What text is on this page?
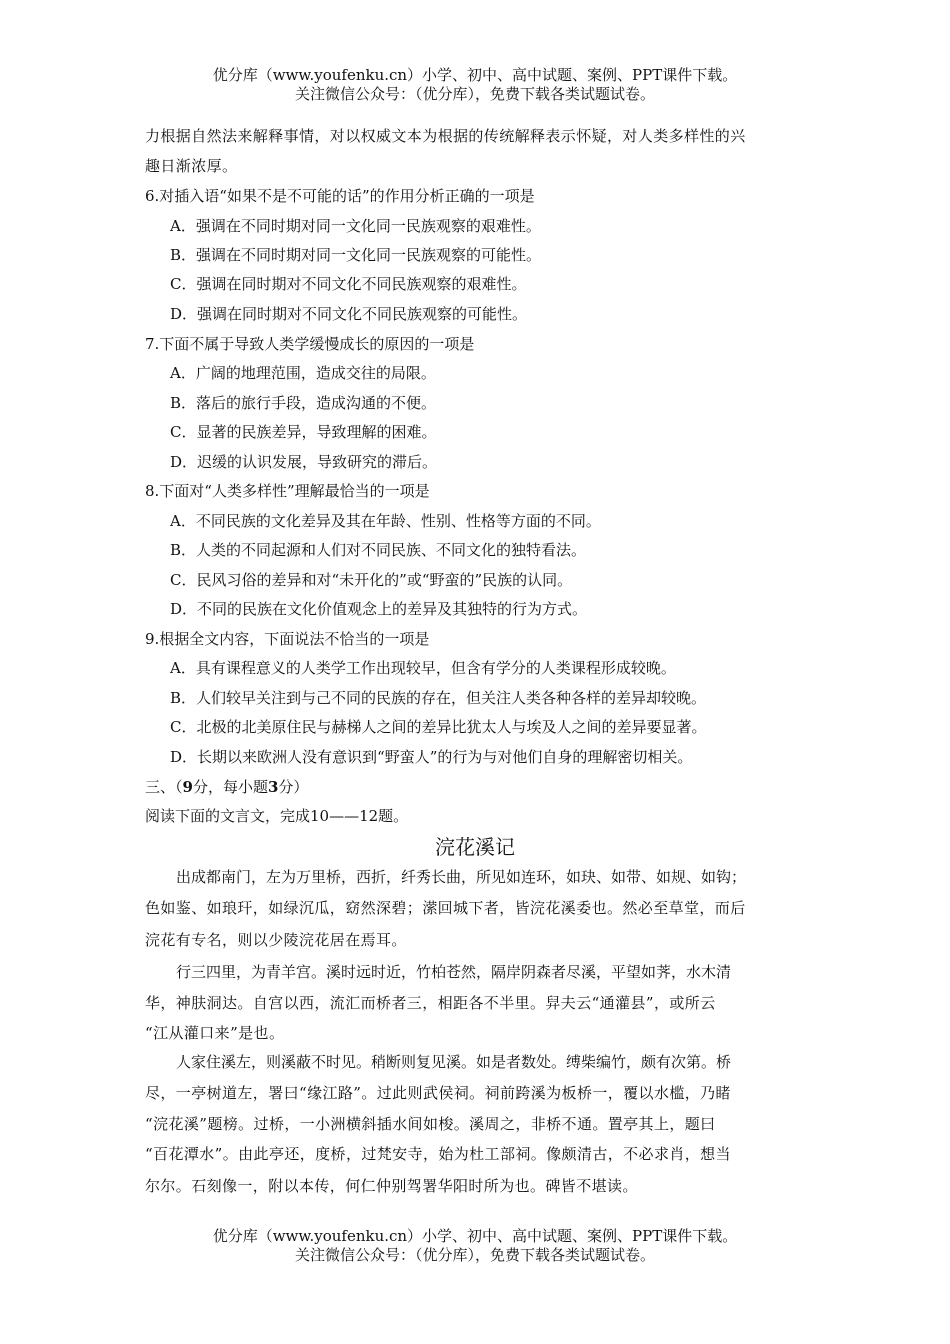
优分库（www.youfenku.cn）小学、初中、高中试题、案例、PPT课件下载。
关注微信公众号：（优分库），免费下载各类试题试卷。
力根据自然法来解释事情，对以权威文本为根据的传统解释表示怀疑，对人类多样性的兴
趣日渐浓厚。
6.对插入语“如果不是不可能的话”的作用分析正确的一项是
A．强调在不同时期对同一文化同一民族观察的艰难性。
B．强调在不同时期对同一文化同一民族观察的可能性。
C．强调在同时期对不同文化不同民族观察的艰难性。
D．强调在同时期对不同文化不同民族观察的可能性。
7.下面不属于导致人类学缓慢成长的原因的一项是
A．广阔的地理范围，造成交往的局限。
B．落后的旅行手段，造成沟通的不便。
C．显著的民族差异，导致理解的困难。
D．迟缓的认识发展，导致研究的滞后。
8.下面对“人类多样性”理解最恰当的一项是
A．不同民族的文化差异及其在年龄、性别、性格等方面的不同。
B．人类的不同起源和人们对不同民族、不同文化的独特看法。
C．民风习俗的差异和对“未开化的”或“野蛮的”民族的认同。
D．不同的民族在文化价值观念上的差异及其独特的行为方式。
9.根据全文内容，下面说法不恰当的一项是
A．具有课程意义的人类学工作出现较早，但含有学分的人类课程形成较晚。
B．人们较早关注到与己不同的民族的存在，但关注人类各种各样的差异却较晚。
C．北极的北美原住民与赫梯人之间的差异比犹太人与埃及人之间的差异要显著。
D．长期以来欧洲人没有意识到“野蛮人”的行为与对他们自身的理解密切相关。
三、（9分，每小题3分）
阅读下面的文言文，完成10——12题。
浣花溪记
出成都南门，左为万里桥，西折，纤秀长曲，所见如连环，如玦、如带、如规、如钩；
色如鉴、如琅玕，如绿沉瓜，窈然深碧；潆回城下者，皆浣花溪委也。然必至草堂，而后
浣花有专名，则以少陵浣花居在焉耳。
行三四里，为青羊宫。溪时远时近，竹柏苍然，隔岸阴森者尽溪，平望如荠，水木清
华，神肤洞达。自宫以西，流汇而桥者三，相距各不半里。舁夫云“通灌县”，或所云
“江从灌口来”是也。
人家住溪左，则溪蔽不时见。稍断则复见溪。如是者数处。缚柴编竹，颇有次第。桥
尽，一亭树道左，署曰“缘江路”。过此则武侯祠。祠前跨溪为板桥一，覆以水槛，乃睹
“浣花溪”题榜。过桥，一小洲横斜插水间如梭。溪周之，非桥不通。置亭其上，题曰
“百花潭水”。由此亭还，度桥，过梵安寺，始为杜工部祠。像颇清古，不必求肖，想当
尔尔。石刻像一，附以本传，何仁仲别驾署华阳时所为也。碑皆不堪读。
优分库（www.youfenku.cn）小学、初中、高中试题、案例、PPT课件下载。
关注微信公众号：（优分库），免费下载各类试题试卷。
